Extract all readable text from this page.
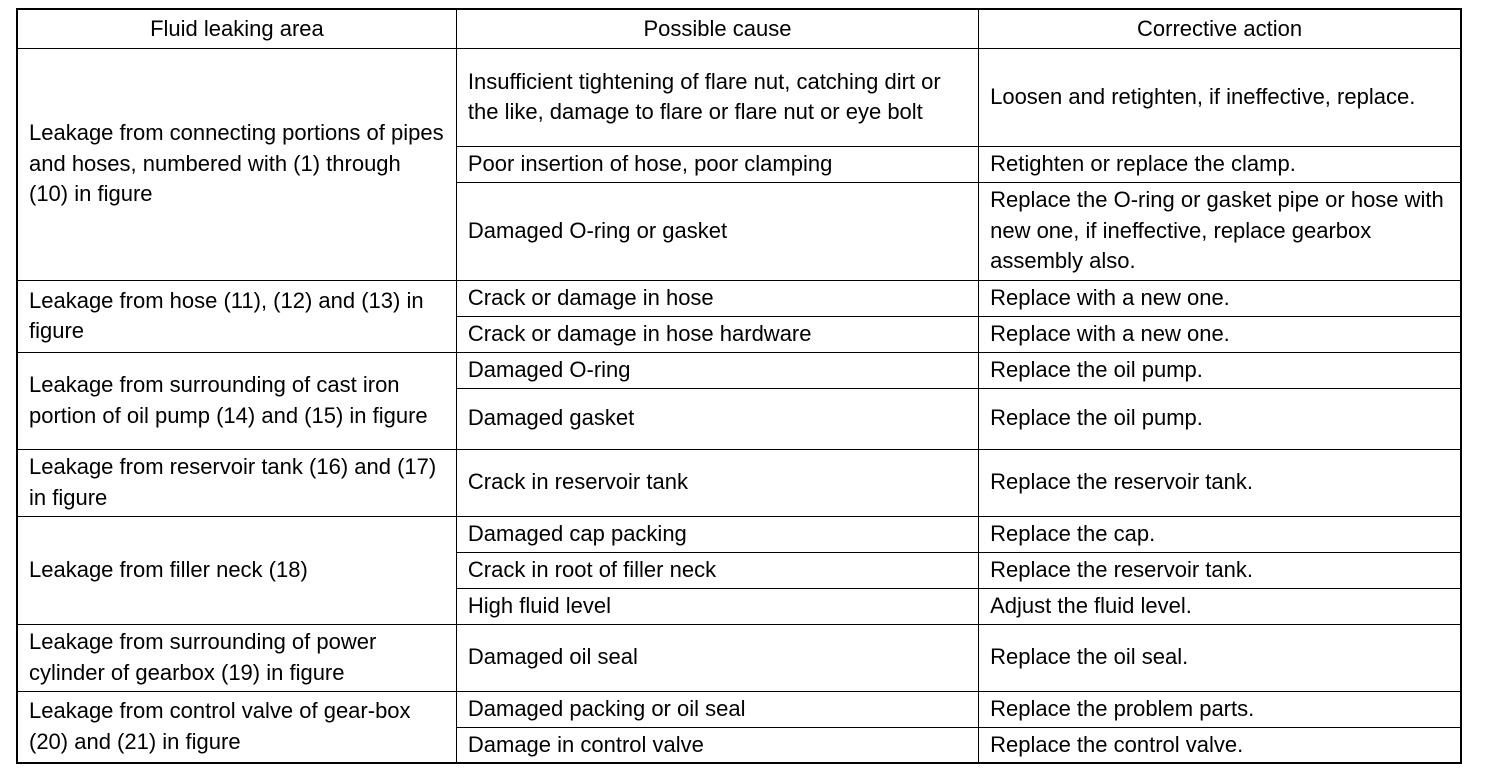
Fluid leaking area	Possible cause	Corrective action
Leakage from connecting portions of pipes and hoses, numbered with (1) through (10) in figure	Insufficient tightening of flare nut, catching dirt or the like, damage to flare or flare nut or eye bolt	Loosen and retighten, if ineffective, replace.
	Poor insertion of hose, poor clamping	Retighten or replace the clamp.
	Damaged O-ring or gasket	Replace the O-ring or gasket pipe or hose with new one, if ineffective, replace gearbox assembly also.
Leakage from hose (11), (12) and (13) in figure	Crack or damage in hose	Replace with a new one.
	Crack or damage in hose hardware	Replace with a new one.
Leakage from surrounding of cast iron portion of oil pump (14) and (15) in figure	Damaged O-ring	Replace the oil pump.
	Damaged gasket	Replace the oil pump.
Leakage from reservoir tank (16) and (17) in figure	Crack in reservoir tank	Replace the reservoir tank.
Leakage from filler neck (18)	Damaged cap packing	Replace the cap.
	Crack in root of filler neck	Replace the reservoir tank.
	High fluid level	Adjust the fluid level.
Leakage from surrounding of power cylinder of gearbox (19) in figure	Damaged oil seal	Replace the oil seal.
Leakage from control valve of gear-box (20) and (21) in figure	Damaged packing or oil seal	Replace the problem parts.
	Damage in control valve	Replace the control valve.
